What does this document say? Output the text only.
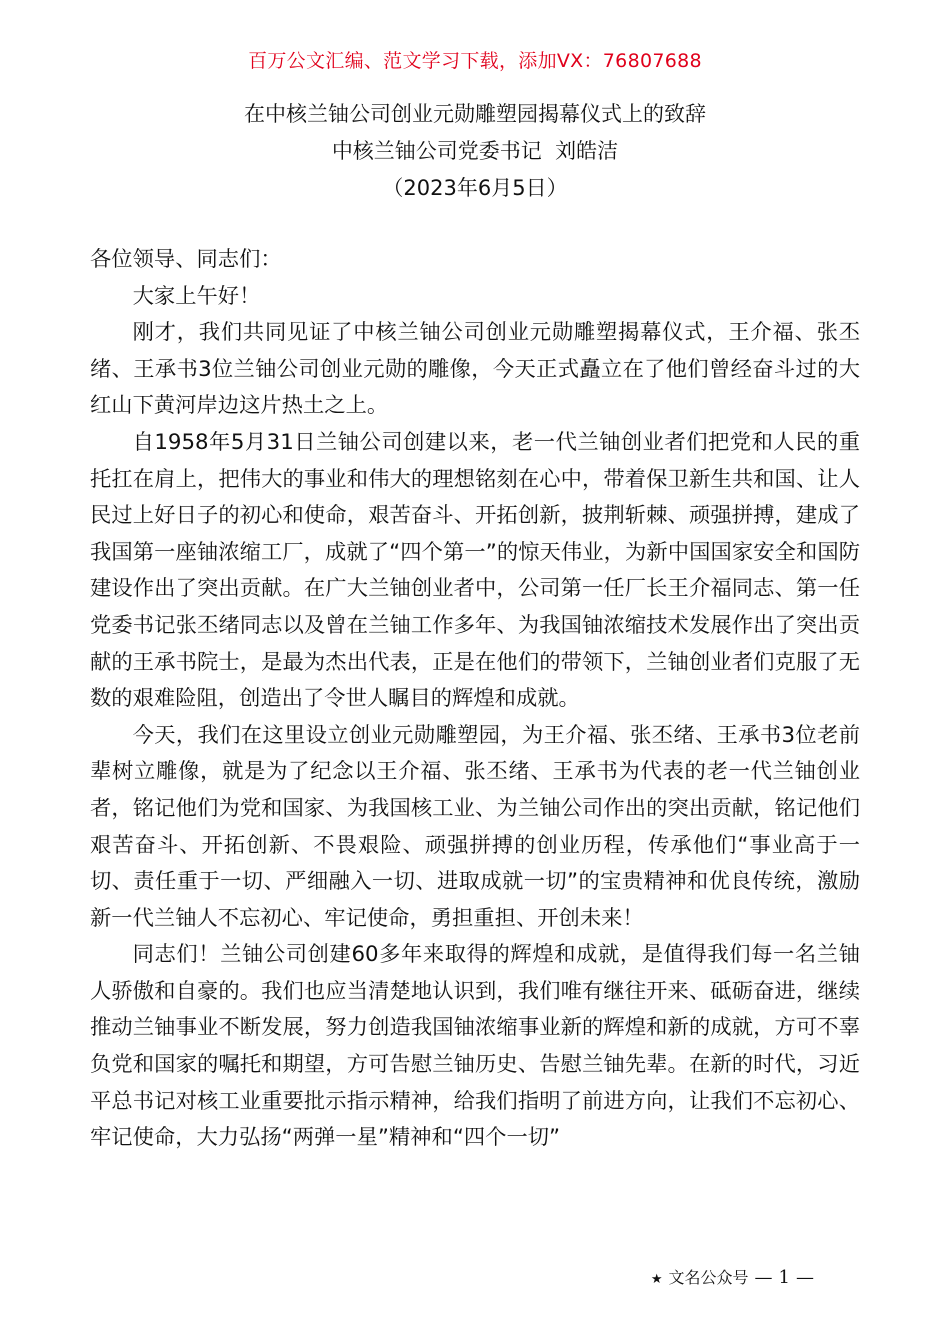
百万公文汇编、范文学习下载，添加VX：76807688
在中核兰铀公司创业元勋雕塑园揭幕仪式上的致辞
中核兰铀公司党委书记  刘皓洁
（2023年6月5日）

各位领导、同志们：

大家上午好！

刚才，我们共同见证了中核兰铀公司创业元勋雕塑揭幕仪式，王介福、张丕绪、王承书3位兰铀公司创业元勋的雕像，今天正式矗立在了他们曾经奋斗过的大红山下黄河岸边这片热土之上。

自1958年5月31日兰铀公司创建以来，老一代兰铀创业者们把党和人民的重托扛在肩上，把伟大的事业和伟大的理想铭刻在心中，带着保卫新生共和国、让人民过上好日子的初心和使命，艰苦奋斗、开拓创新，披荆斩棘、顽强拼搏，建成了我国第一座铀浓缩工厂，成就了“四个第一”的惊天伟业，为新中国国家安全和国防建设作出了突出贡献。在广大兰铀创业者中，公司第一任厂长王介福同志、第一任党委书记张丕绪同志以及曾在兰铀工作多年、为我国铀浓缩技术发展作出了突出贡献的王承书院士，是最为杰出代表，正是在他们的带领下，兰铀创业者们克服了无数的艰难险阻，创造出了令世人瞩目的辉煌和成就。

今天，我们在这里设立创业元勋雕塑园，为王介福、张丕绪、王承书3位老前辈树立雕像，就是为了纪念以王介福、张丕绪、王承书为代表的老一代兰铀创业者，铭记他们为党和国家、为我国核工业、为兰铀公司作出的突出贡献，铭记他们艰苦奋斗、开拓创新、不畏艰险、顽强拼搏的创业历程，传承他们“事业高于一切、责任重于一切、严细融入一切、进取成就一切”的宝贵精神和优良传统，激励新一代兰铀人不忘初心、牢记使命，勇担重担、开创未来！

同志们！兰铀公司创建60多年来取得的辉煌和成就，是值得我们每一名兰铀人骄傲和自豪的。我们也应当清楚地认识到，我们唯有继往开来、砥砺奋进，继续推动兰铀事业不断发展，努力创造我国铀浓缩事业新的辉煌和新的成就，方可不辜负党和国家的嘱托和期望，方可告慰兰铀历史、告慰兰铀先辈。在新的时代，习近平总书记对核工业重要批示指示精神，给我们指明了前进方向，让我们不忘初心、牢记使命，大力弘扬“两弹一星”精神和“四个一切”

★ 文名公众号 — 1 —
